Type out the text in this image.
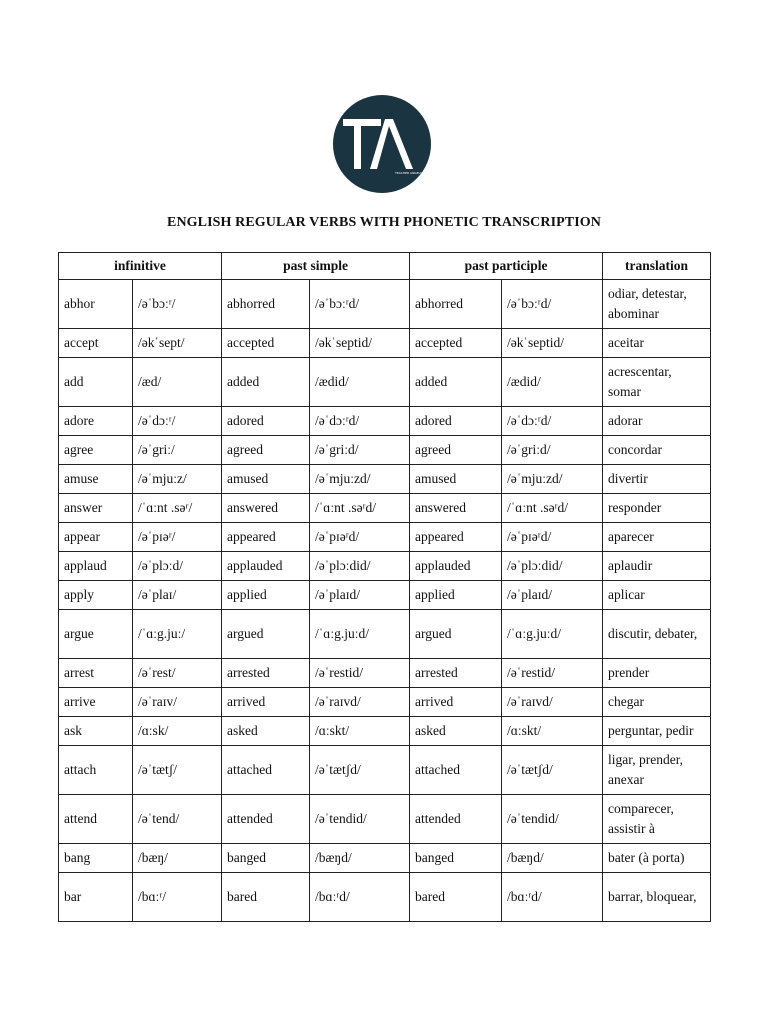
TEACHER ANGELO
ENGLISH REGULAR VERBS WITH PHONETIC TRANSCRIPTION
infinitive		past simple		past participle		translation
abhor	/əˈbɔːʳ/	abhorred	/əˈbɔːʳd/	abhorred	/əˈbɔːʳd/	odiar, detestar, abominar
accept	/əkˈsept/	accepted	/əkˈseptid/	accepted	/əkˈseptid/	aceitar
add	/æd/	added	/ædid/	added	/ædid/	acrescentar, somar
adore	/əˈdɔːʳ/	adored	/əˈdɔːʳd/	adored	/əˈdɔːʳd/	adorar
agree	/əˈgriː/	agreed	/əˈgriːd/	agreed	/əˈgriːd/	concordar
amuse	/əˈmjuːz/	amused	/əˈmjuːzd/	amused	/əˈmjuːzd/	divertir
answer	/ˈɑːnt .səʳ/	answered	/ˈɑːnt .səʳd/	answered	/ˈɑːnt .səʳd/	responder
appear	/əˈpɪəʳ/	appeared	/əˈpɪəʳd/	appeared	/əˈpɪəʳd/	aparecer
applaud	/əˈplɔːd/	applauded	/əˈplɔːdid/	applauded	/əˈplɔːdid/	aplaudir
apply	/əˈplaɪ/	applied	/əˈplaɪd/	applied	/əˈplaɪd/	aplicar
argue	/ˈɑːg.juː/	argued	/ˈɑːg.juːd/	argued	/ˈɑːg.juːd/	discutir, debater,
arrest	/əˈrest/	arrested	/əˈrestid/	arrested	/əˈrestid/	prender
arrive	/əˈraɪv/	arrived	/əˈraɪvd/	arrived	/əˈraɪvd/	chegar
ask	/ɑːsk/	asked	/ɑːskt/	asked	/ɑːskt/	perguntar, pedir
attach	/əˈtætʃ/	attached	/əˈtætʃd/	attached	/əˈtætʃd/	ligar, prender, anexar
attend	/əˈtend/	attended	/əˈtendid/	attended	/əˈtendid/	comparecer, assistir à
bang	/bæŋ/	banged	/bæŋd/	banged	/bæŋd/	bater (à porta)
bar	/bɑːʳ/	bared	/bɑːʳd/	bared	/bɑːʳd/	barrar, bloquear,
